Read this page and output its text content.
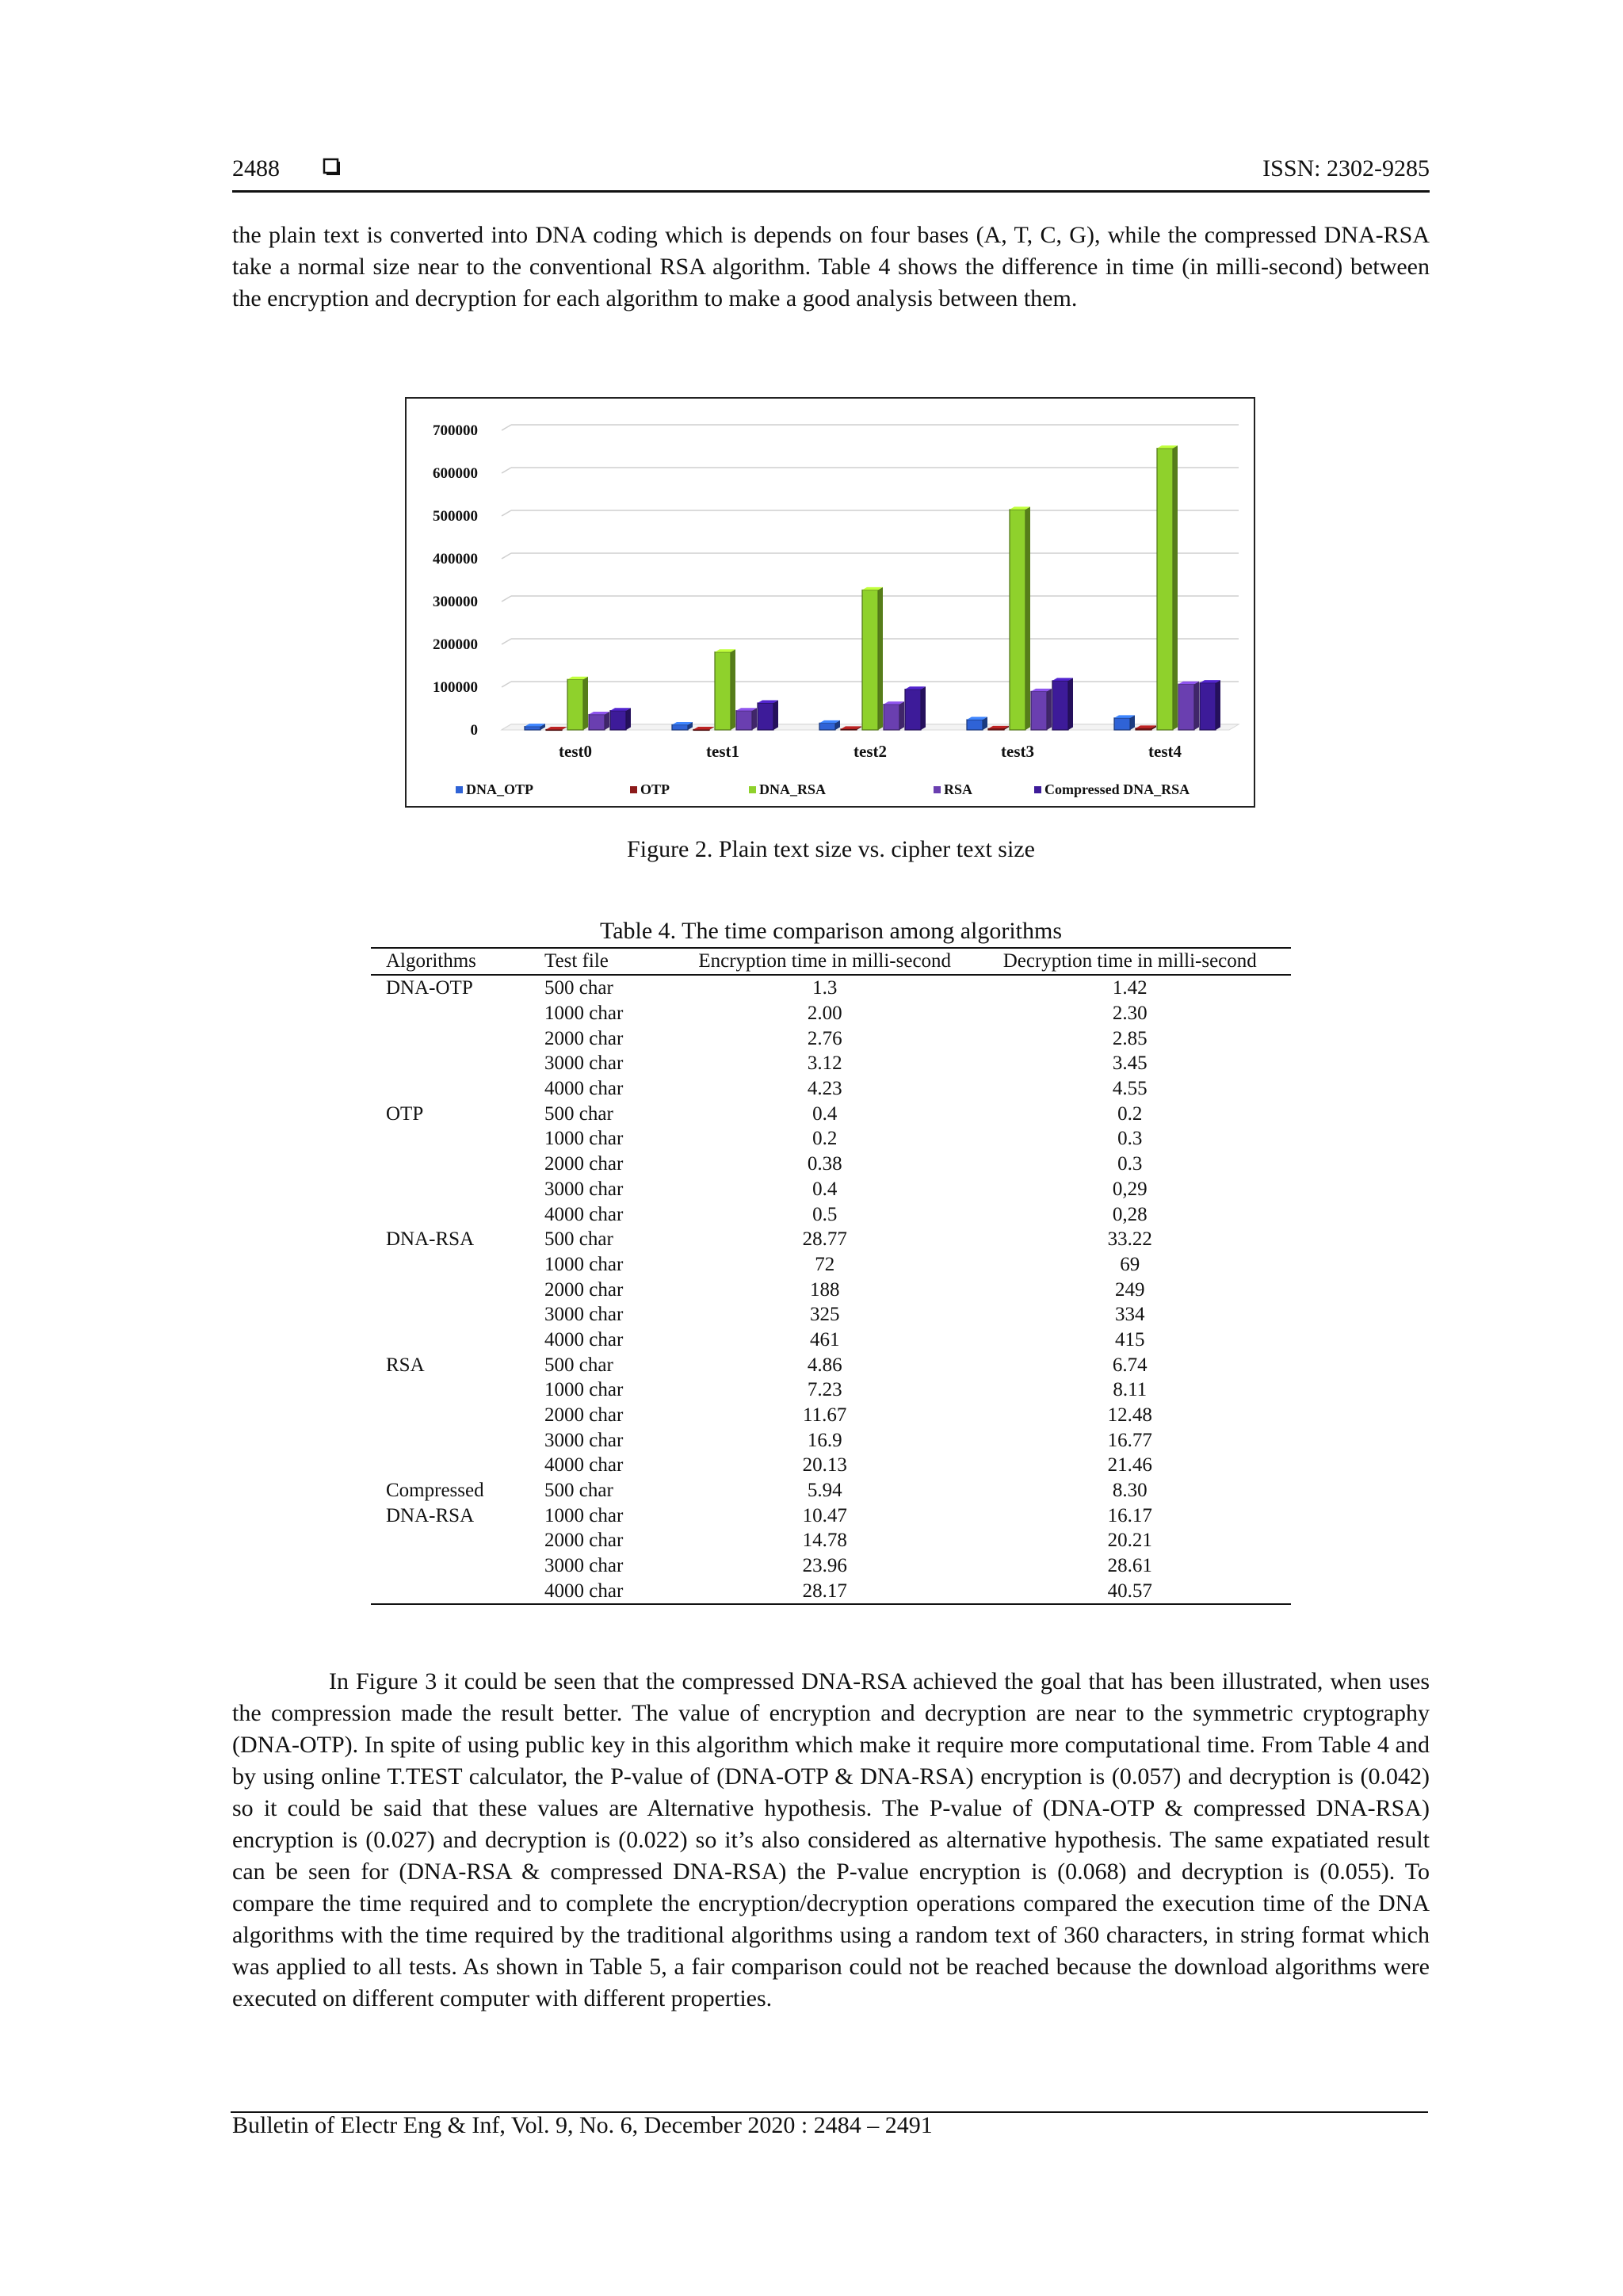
2488	ISSN: 2302-9285
the plain text is converted into DNA coding which is depends on four bases (A, T, C, G), while the compressed DNA-RSA take a normal size near to the conventional RSA algorithm. Table 4 shows the difference in time (in milli-second) between the encryption and decryption for each algorithm to make a good analysis between them.
0
100000
200000
300000
400000
500000
600000
700000
test0	test1	test2	test3	test4
DNA_OTP	OTP	DNA_RSA	RSA	Compressed DNA_RSA
Figure 2. Plain text size vs. cipher text size
Table 4. The time comparison among algorithms
Algorithms	Test file	Encryption time in milli-second	Decryption time in milli-second
DNA-OTP	500 char	1.3	1.42
	1000 char	2.00	2.30
	2000 char	2.76	2.85
	3000 char	3.12	3.45
	4000 char	4.23	4.55
OTP	500 char	0.4	0.2
	1000 char	0.2	0.3
	2000 char	0.38	0.3
	3000 char	0.4	0,29
	4000 char	0.5	0,28
DNA-RSA	500 char	28.77	33.22
	1000 char	72	69
	2000 char	188	249
	3000 char	325	334
	4000 char	461	415
RSA	500 char	4.86	6.74
	1000 char	7.23	8.11
	2000 char	11.67	12.48
	3000 char	16.9	16.77
	4000 char	20.13	21.46
Compressed	500 char	5.94	8.30
DNA-RSA	1000 char	10.47	16.17
	2000 char	14.78	20.21
	3000 char	23.96	28.61
	4000 char	28.17	40.57
In Figure 3 it could be seen that the compressed DNA-RSA achieved the goal that has been illustrated, when uses the compression made the result better. The value of encryption and decryption are near to the symmetric cryptography (DNA-OTP). In spite of using public key in this algorithm which make it require more computational time. From Table 4 and by using online T.TEST calculator, the P-value of (DNA-OTP & DNA-RSA) encryption is (0.057) and decryption is (0.042) so it could be said that these values are Alternative hypothesis. The P-value of (DNA-OTP & compressed DNA-RSA) encryption is (0.027) and decryption is (0.022) so it’s also considered as alternative hypothesis. The same expatiated result can be seen for (DNA-RSA & compressed DNA-RSA) the P-value encryption is (0.068) and decryption is (0.055). To compare the time required and to complete the encryption/decryption operations compared the execution time of the DNA algorithms with the time required by the traditional algorithms using a random text of 360 characters, in string format which was applied to all tests. As shown in Table 5, a fair comparison could not be reached because the download algorithms were executed on different computer with different properties.
Bulletin of Electr Eng & Inf, Vol. 9, No. 6, December 2020 : 2484 – 2491
